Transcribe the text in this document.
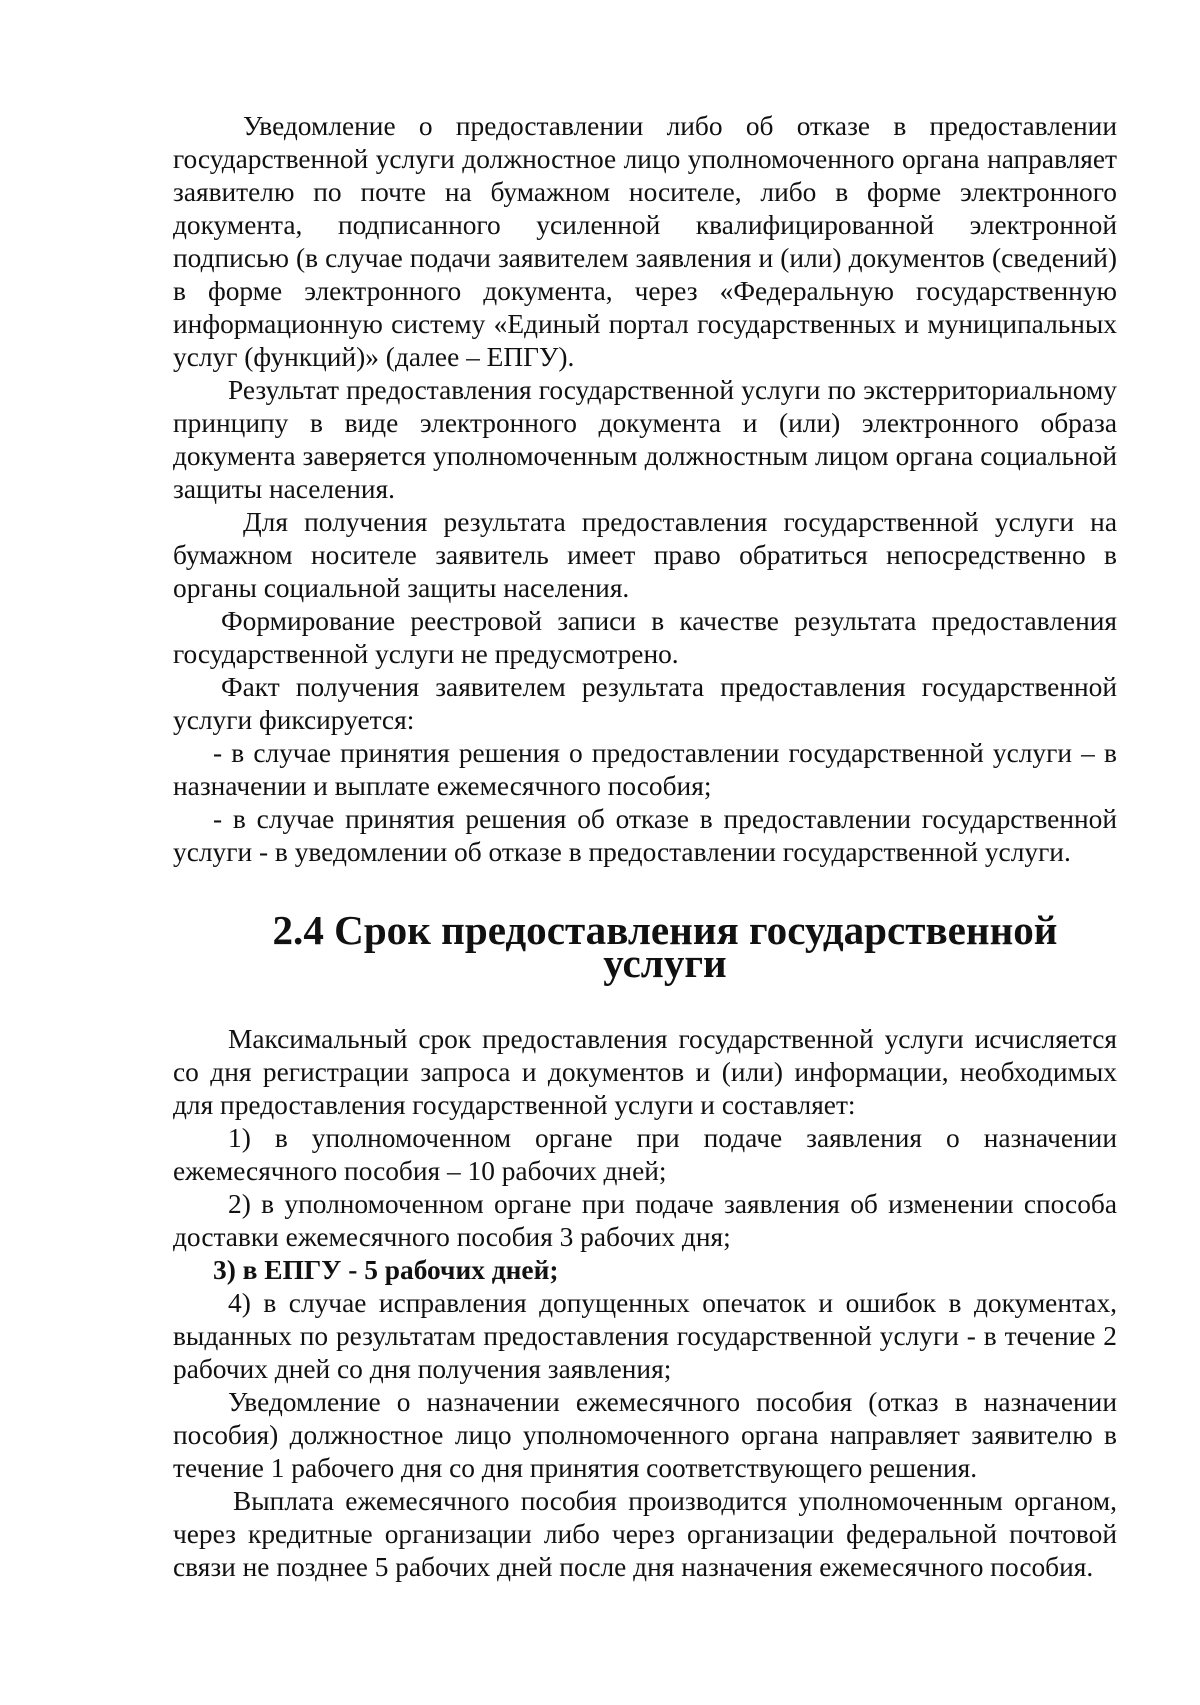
Уведомление о предоставлении либо об отказе в предоставлении государственной услуги должностное лицо уполномоченного органа направляет заявителю по почте на бумажном носителе, либо в форме электронного документа, подписанного усиленной квалифицированной электронной подписью (в случае подачи заявителем заявления и (или) документов (сведений) в форме электронного документа, через «Федеральную государственную информационную систему «Единый портал государственных и муниципальных услуг (функций)» (далее – ЕПГУ).

Результат предоставления государственной услуги по экстерриториальному принципу в виде электронного документа и (или) электронного образа документа заверяется уполномоченным должностным лицом органа социальной защиты населения.

Для получения результата предоставления государственной услуги на бумажном носителе заявитель имеет право обратиться непосредственно в органы социальной защиты населения.

Формирование реестровой записи в качестве результата предоставления государственной услуги не предусмотрено.

Факт получения заявителем результата предоставления государственной услуги фиксируется:

- в случае принятия решения о предоставлении государственной услуги – в назначении и выплате ежемесячного пособия;

- в случае принятия решения об отказе в предоставлении государственной услуги - в уведомлении об отказе в предоставлении государственной услуги.

2.4 Срок предоставления государственной услуги

Максимальный срок предоставления государственной услуги исчисляется со дня регистрации запроса и документов и (или) информации, необходимых для предоставления государственной услуги и составляет:

1) в уполномоченном органе при подаче заявления о назначении ежемесячного пособия – 10 рабочих дней;

2) в уполномоченном органе при подаче заявления об изменении способа доставки ежемесячного пособия 3 рабочих дня;

3) в ЕПГУ - 5 рабочих дней;

4) в случае исправления допущенных опечаток и ошибок в документах, выданных по результатам предоставления государственной услуги - в течение 2 рабочих дней со дня получения заявления;

Уведомление о назначении ежемесячного пособия (отказ в назначении пособия) должностное лицо уполномоченного органа направляет заявителю в течение 1 рабочего дня со дня принятия соответствующего решения.

Выплата ежемесячного пособия производится уполномоченным органом, через кредитные организации либо через организации федеральной почтовой связи не позднее 5 рабочих дней после дня назначения ежемесячного пособия.
